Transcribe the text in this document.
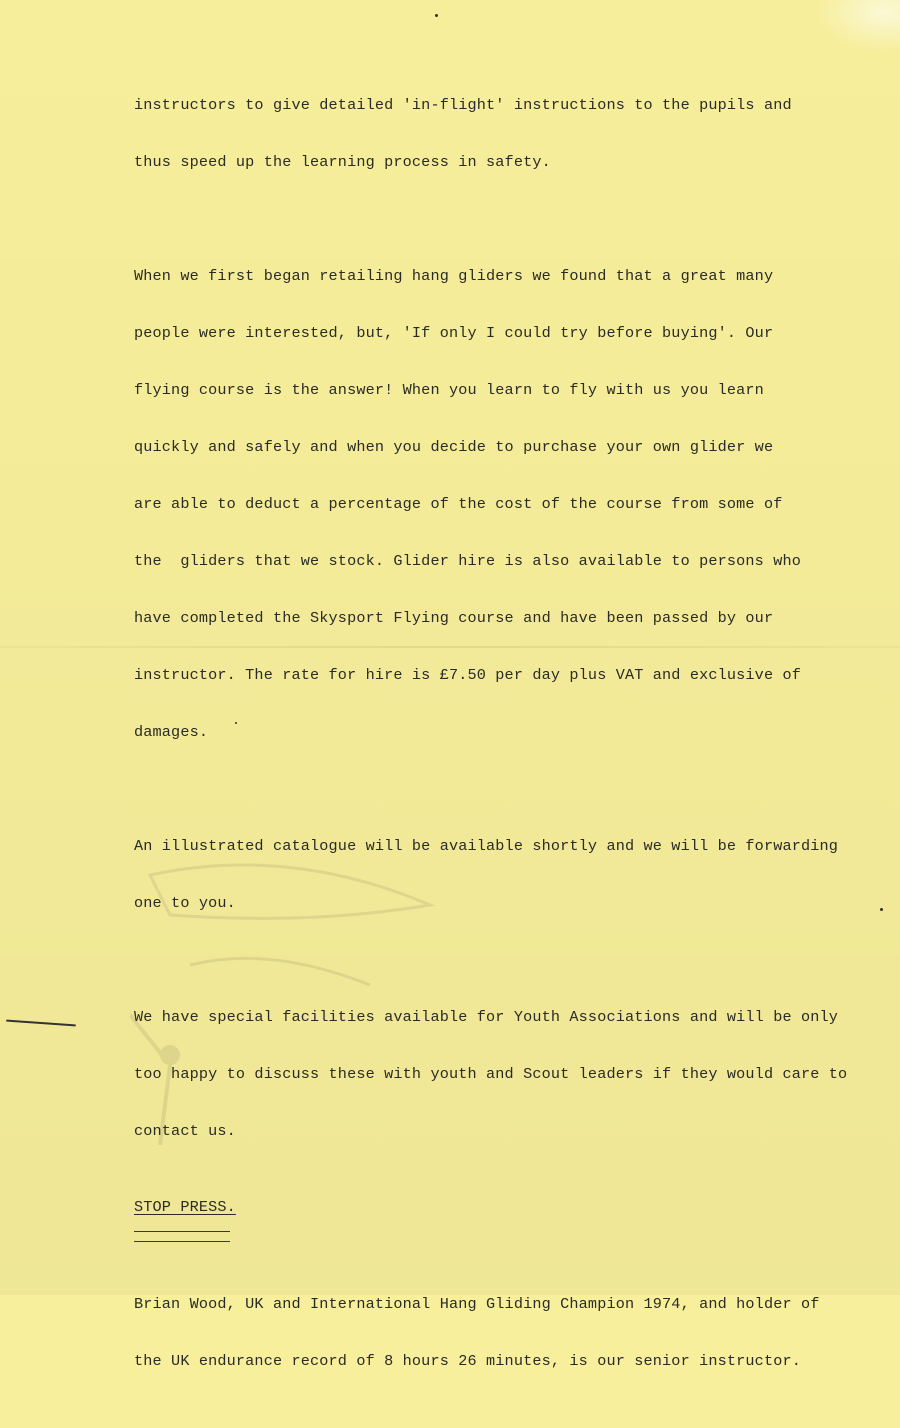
instructors to give detailed 'in-flight' instructions to the pupils and

thus speed up the learning process in safety.

When we first began retailing hang gliders we found that a great many

people were interested, but, 'If only I could try before buying'. Our

flying course is the answer! When you learn to fly with us you learn

quickly and safely and when you decide to purchase your own glider we

are able to deduct a percentage of the cost of the course from some of

the  gliders that we stock. Glider hire is also available to persons who

have completed the Skysport Flying course and have been passed by our

instructor. The rate for hire is £7.50 per day plus VAT and exclusive of

damages.

An illustrated catalogue will be available shortly and we will be forwarding

one to you.

We have special facilities available for Youth Associations and will be only

too happy to discuss these with youth and Scout leaders if they would care to

contact us.

STOP PRESS.

Brian Wood, UK and International Hang Gliding Champion 1974, and holder of

the UK endurance record of 8 hours 26 minutes, is our senior instructor.
